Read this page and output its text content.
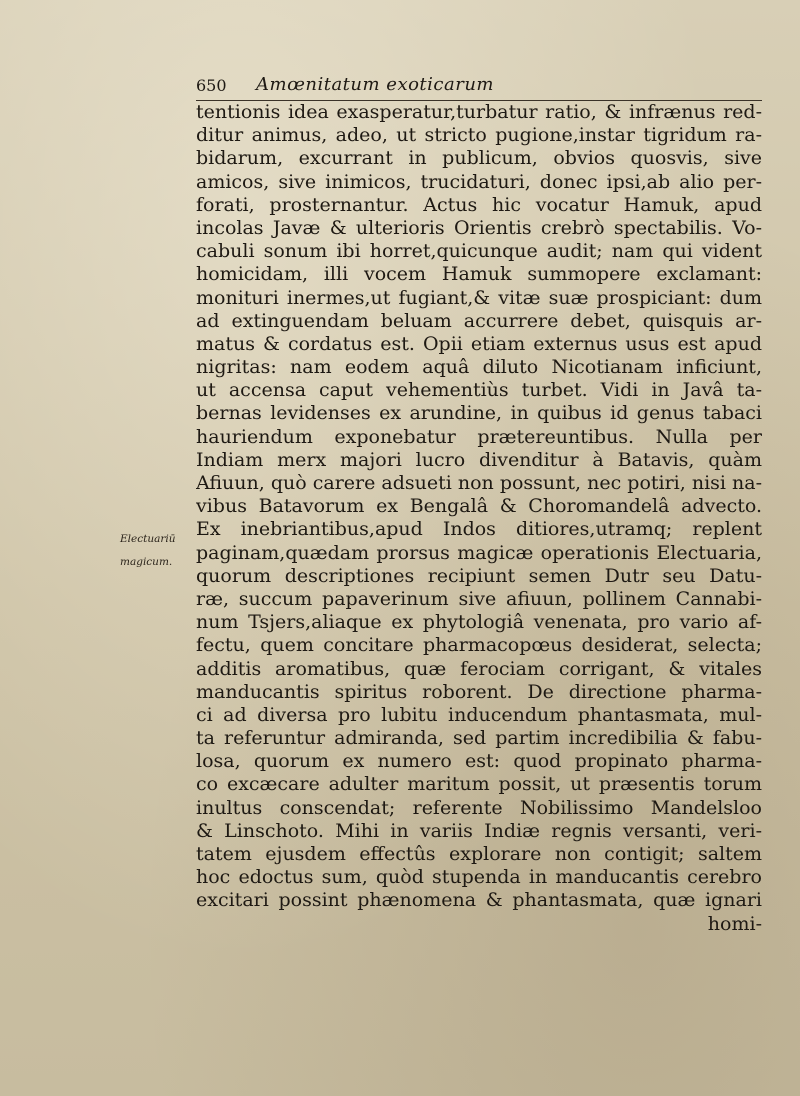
650 Amœnitatum exoticarum
Electuariū
magicum.
tentionis idea exasperatur,turbatur ratio, & infrænus red-
ditur animus, adeo, ut stricto pugione,instar tigridum ra-
bidarum, excurrant in publicum, obvios quosvis, sive
amicos, sive inimicos, trucidaturi, donec ipsi,ab alio per-
forati, prosternantur. Actus hic vocatur Hamuk, apud
incolas Javæ & ulterioris Orientis crebrò spectabilis. Vo-
cabuli sonum ibi horret,quicunque audit; nam qui vident
homicidam, illi vocem Hamuk summopere exclamant:
monituri inermes,ut fugiant,& vitæ suæ prospiciant: dum
ad extinguendam beluam accurrere debet, quisquis ar-
matus & cordatus est. Opii etiam externus usus est apud
nigritas: nam eodem aquâ diluto Nicotianam inficiunt,
ut accensa caput vehementiùs turbet. Vidi in Javâ ta-
bernas levidenses ex arundine, in quibus id genus tabaci
hauriendum exponebatur prætereuntibus. Nulla per
Indiam merx majori lucro divenditur à Batavis, quàm
Afiuun, quò carere adsueti non possunt, nec potiri, nisi na-
vibus Batavorum ex Bengalâ & Choromandelâ advecto.
Ex inebriantibus,apud Indos ditiores,utramq; replent
paginam,quædam prorsus magicæ operationis Electuaria,
quorum descriptiones recipiunt semen Dutr seu Datu-
ræ, succum papaverinum sive afiuun, pollinem Cannabi-
num Tsjers,aliaque ex phytologiâ venenata, pro vario af-
fectu, quem concitare pharmacopœus desiderat, selecta;
additis aromatibus, quæ ferociam corrigant, & vitales
manducantis spiritus roborent. De directione pharma-
ci ad diversa pro lubitu inducendum phantasmata, mul-
ta referuntur admiranda, sed partim incredibilia & fabu-
losa, quorum ex numero est: quod propinato pharma-
co excæcare adulter maritum possit, ut præsentis torum
inultus conscendat; referente Nobilissimo Mandelsloo
& Linschoto. Mihi in variis Indiæ regnis versanti, veri-
tatem ejusdem effectûs explorare non contigit; saltem
hoc edoctus sum, quòd stupenda in manducantis cerebro
excitari possint phænomena & phantasmata, quæ ignari
homi-
